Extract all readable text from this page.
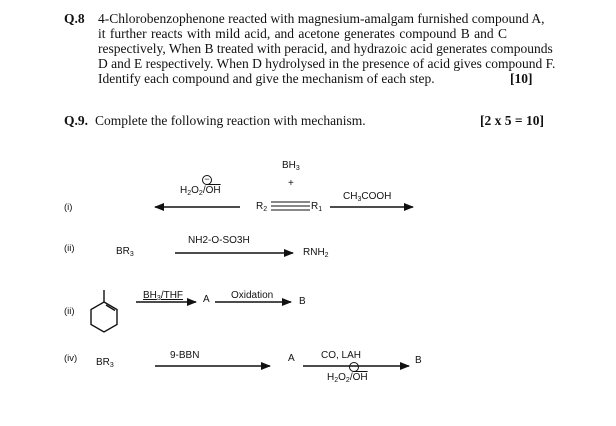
Q.8 4-Chlorobenzophenone reacted with magnesium-amalgam furnished compound A,
it further reacts with mild acid, and acetone generates compound B and C
respectively, When B treated with peracid, and hydrazoic acid generates compounds
D and E respectively. When D hydrolysed in the presence of acid gives compound F.
Identify each compound and give the mechanism of each step.	[10]
Q.9. Complete the following reaction with mechanism.	[2 x 5 = 10]
(i)
$H_2O_2/\overline{OH}$
−
$BH_3$
+
$R_2$	$R_1$
$CH_3COOH$
(ii)	$BR_3$
NH2-O-SO3H
$RNH_2$
(ii)
$BH_3$/THF A Oxidation
B
(iv) $BR_3$
9-BBN	A	CO, LAH
$H_2O_2/\overline{OH}$
−	B
